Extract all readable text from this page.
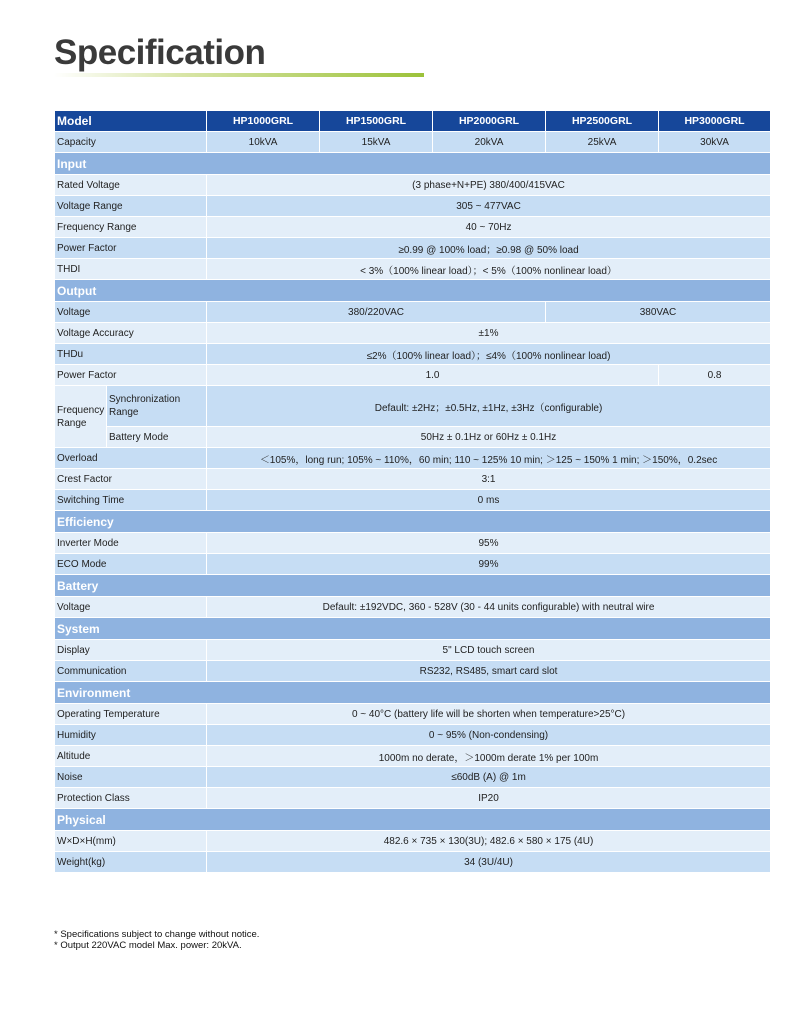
Specification
Model		HP1000GRL	HP1500GRL	HP2000GRL	HP2500GRL	HP3000GRL
Capacity		10kVA	15kVA	20kVA	25kVA	30kVA
Input						
Rated Voltage		(3 phase+N+PE) 380/400/415VAC				
Voltage Range		305 ~ 477VAC				
Frequency Range		40 ~ 70Hz				
Power Factor		≥0.99 @ 100% load；≥0.98 @ 50% load				
THDI		< 3%（100% linear load）；< 5%（100% nonlinear load）				
Output						
Voltage		380/220VAC			380VAC	
Voltage Accuracy		±1%				
THDu		≤2%（100% linear load）；≤4%（100% nonlinear load)				
Power Factor		1.0				0.8
Frequency Range	Synchronization Range	Default: ±2Hz；±0.5Hz, ±1Hz, ±3Hz（configurable)				
	Battery Mode	50Hz ± 0.1Hz or 60Hz ± 0.1Hz				
Overload		＜105%，long run; 105% ~ 110%，60 min; 110 ~ 125% 10 min; ＞125 ~ 150% 1 min; ＞150%，0.2sec				
Crest Factor		3:1				
Switching Time		0 ms				
Efficiency						
Inverter Mode		95%				
ECO Mode		99%				
Battery						
Voltage		Default: ±192VDC, 360 - 528V (30 - 44 units configurable) with neutral wire				
System						
Display		5" LCD touch screen				
Communication		RS232, RS485, smart card slot				
Environment						
Operating Temperature		0 ~ 40°C (battery life will be shorten when temperature>25°C)				
Humidity		0 ~ 95% (Non-condensing)				
Altitude		1000m no derate，＞1000m derate 1% per 100m				
Noise		≤60dB (A) @ 1m				
Protection Class		IP20				
Physical						
W×D×H(mm)		482.6 × 735 × 130(3U); 482.6 × 580 × 175 (4U)				
Weight(kg)		34 (3U/4U)				
* Specifications subject to change without notice.
* Output 220VAC model Max. power: 20kVA.
